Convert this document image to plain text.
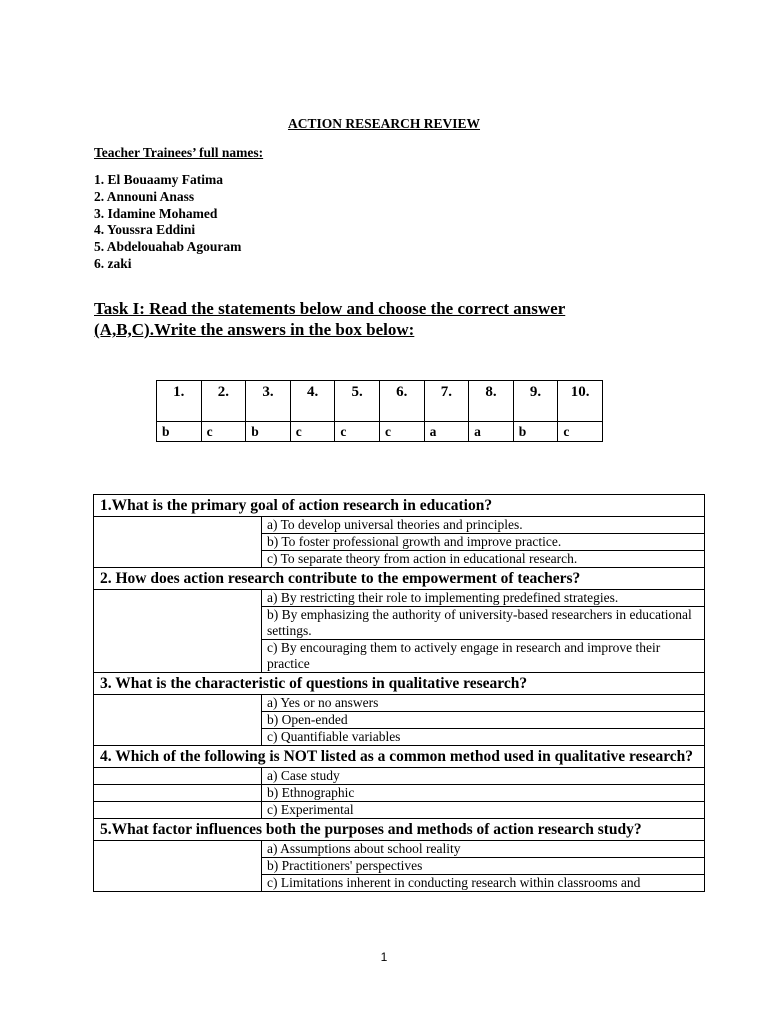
ACTION RESEARCH REVIEW
Teacher Trainees’ full names:
1. El Bouaamy Fatima
2. Announi Anass
3. Idamine Mohamed
4. Youssra Eddini
5. Abdelouahab Agouram
6. zaki
Task I: Read the statements below and choose the correct answer
(A,B,C).Write the answers in the box below:
1.	2.	3.	4.	5.	6.	7.	8.	9.	10.
b	c	b	c	c	c	a	a	b	c
1.What is the primary goal of action research in education?	
	a) To develop universal theories and principles.
	b) To foster professional growth and improve practice.
	c) To separate theory from action in educational research.
2. How does action research contribute to the empowerment of teachers?	
	a) By restricting their role to implementing predefined strategies.
	b) By emphasizing the authority of university-based researchers in educational settings.
	c) By encouraging them to actively engage in research and improve their practice
3. What is the characteristic of questions in qualitative research?	
	a) Yes or no answers
	b) Open-ended
	c) Quantifiable variables
4. Which of the following is NOT listed as a common method used in qualitative research?	
	a) Case study
	b) Ethnographic
	c) Experimental
5.What factor influences both the purposes and methods of action research study?	
	a) Assumptions about school reality
	b) Practitioners' perspectives
	c) Limitations inherent in conducting research within classrooms and
1
